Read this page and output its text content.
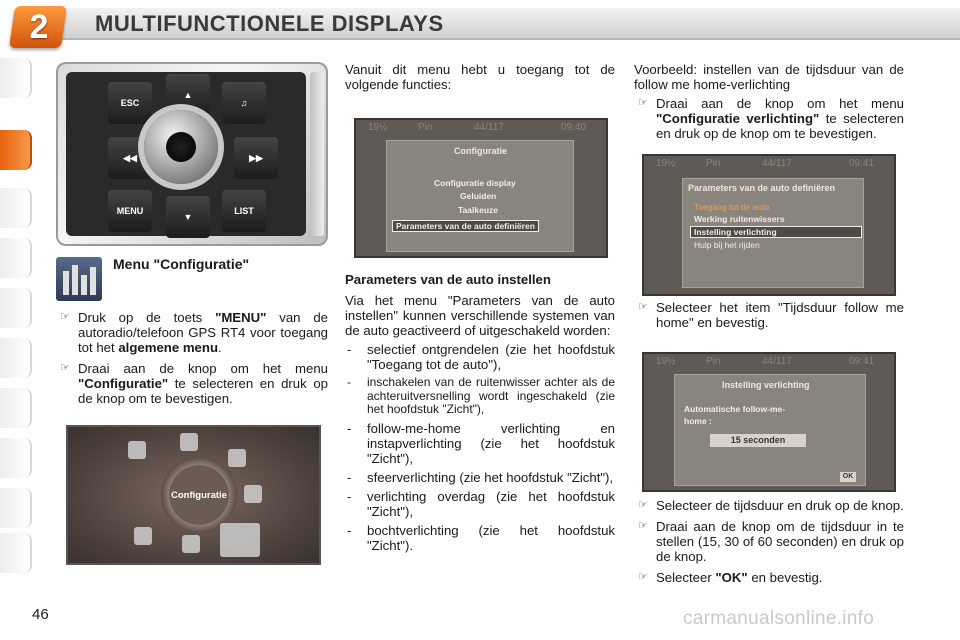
2 MULTIFUNCTIONELE DISPLAYS
ESC
▲
♫
◀◀	▶▶
MENU
▼
LIST
Menu "Configuratie"
☞ Druk op de toets "MENU" van de autoradio/telefoon GPS RT4 voor toegang tot het algemene menu.
☞ Draai aan de knop om het menu "Configuratie" te selecteren en druk op de knop om te bevestigen.
Configuratie

Vanuit dit menu hebt u toegang tot de volgende functies:

19½	Pin	44/117	09:40
Configuratie
Configuratie display
Geluiden
Taalkeuze
Parameters van de auto definiëren

Parameters van de auto instellen

Via het menu "Parameters van de auto instellen" kunnen verschillende systemen van de auto geactiveerd of uitgeschakeld worden:

- selectief ontgrendelen (zie het hoofdstuk "Toegang tot de auto"),
- inschakelen van de ruitenwisser achter als de achteruitversnelling wordt ingeschakeld (zie het hoofdstuk "Zicht"),
- follow-me-home verlichting en instapverlichting (zie het hoofdstuk "Zicht"),
- sfeerverlichting (zie het hoofdstuk "Zicht"),
- verlichting overdag (zie het hoofdstuk "Zicht"),
- bochtverlichting (zie het hoofdstuk "Zicht").

Voorbeeld: instellen van de tijdsduur van de follow me home-verlichting

☞ Draai aan de knop om het menu "Configuratie verlichting" te selecteren en druk op de knop om te bevestigen.
19½	Pin	44/117	09:41
Parameters van de auto definiëren
Toegang tot de auto
Werking ruitenwissers
Instelling verlichting
Hulp bij het rijden
☞ Selecteer het item "Tijdsduur follow me home" en bevestig.
19½	Pin	44/117	09:41
Instelling verlichting
Automatische follow-me-
home :
15 seconden
OK
☞ Selecteer de tijdsduur en druk op de knop.
☞ Draai aan de knop om de tijdsduur in te stellen (15, 30 of 60 seconden) en druk op de knop.
☞ Selecteer "OK" en bevestig.
46	carmanualsonline.info
